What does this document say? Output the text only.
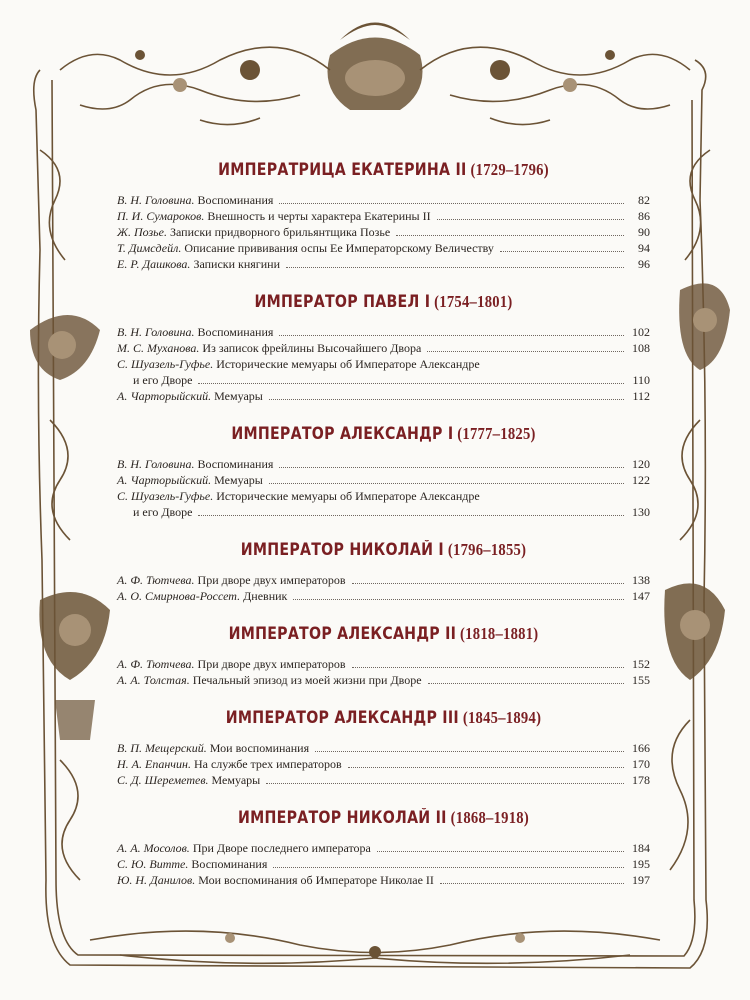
ИМПЕРАТРИЦА ЕКАТЕРИНА II (1729–1796)
В. Н. Головина. Воспоминания	82
П. И. Сумароков. Внешность и черты характера Екатерины II	86
Ж. Позье. Записки придворного брильянтщика Позье	90
Т. Димсдейл. Описание прививания оспы Ее Императорскому Величеству	94
Е. Р. Дашкова. Записки княгини	96
ИМПЕРАТОР ПАВЕЛ I (1754–1801)
В. Н. Головина. Воспоминания	102
М. С. Муханова. Из записок фрейлины Высочайшего Двора	108
С. Шуазель-Гуфье. Исторические мемуары об Императоре Александре
и его Дворе	110
А. Чарторыйский. Мемуары	112
ИМПЕРАТОР АЛЕКСАНДР I (1777–1825)
В. Н. Головина. Воспоминания	120
А. Чарторыйский. Мемуары	122
С. Шуазель-Гуфье. Исторические мемуары об Императоре Александре
и его Дворе	130
ИМПЕРАТОР НИКОЛАЙ I (1796–1855)
А. Ф. Тютчева. При дворе двух императоров	138
А. О. Смирнова-Россет. Дневник	147
ИМПЕРАТОР АЛЕКСАНДР II (1818–1881)
А. Ф. Тютчева. При дворе двух императоров	152
А. А. Толстая. Печальный эпизод из моей жизни при Дворе	155
ИМПЕРАТОР АЛЕКСАНДР III (1845–1894)
В. П. Мещерский. Мои воспоминания	166
Н. А. Епанчин. На службе трех императоров	170
С. Д. Шереметев. Мемуары	178
ИМПЕРАТОР НИКОЛАЙ II (1868–1918)
А. А. Мосолов. При Дворе последнего императора	184
С. Ю. Витте. Воспоминания	195
Ю. Н. Данилов. Мои воспоминания об Императоре Николае II	197
